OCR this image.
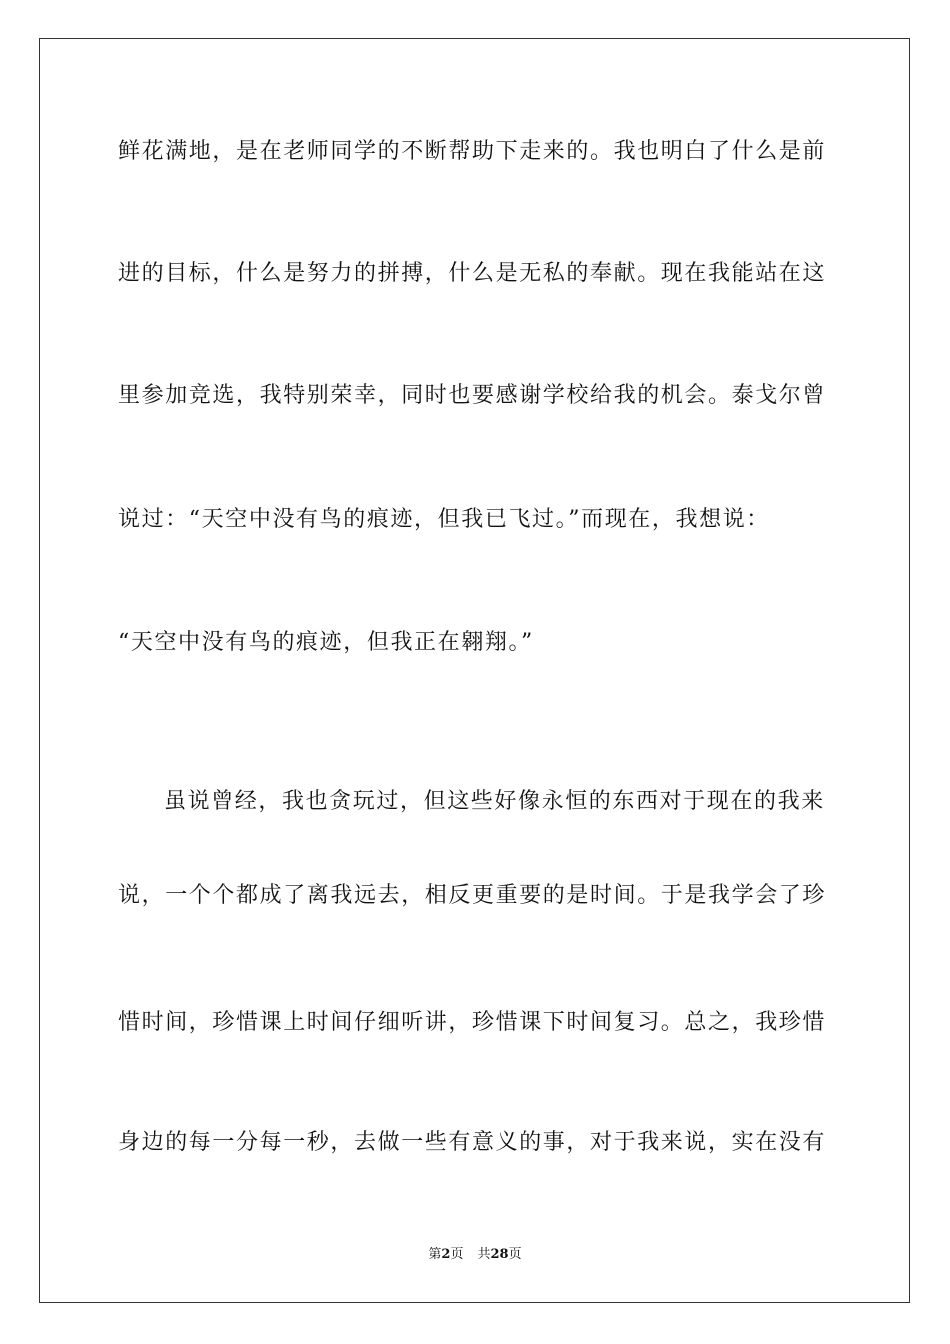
鲜花满地，是在老师同学的不断帮助下走来的。我也明白了什么是前
进的目标，什么是努力的拼搏，什么是无私的奉献。现在我能站在这
里参加竞选，我特别荣幸，同时也要感谢学校给我的机会。泰戈尔曾
说过：“天空中没有鸟的痕迹，但我已飞过。”而现在，我想说：
“天空中没有鸟的痕迹，但我正在翱翔。”
虽说曾经，我也贪玩过，但这些好像永恒的东西对于现在的我来
说，一个个都成了离我远去，相反更重要的是时间。于是我学会了珍
惜时间，珍惜课上时间仔细听讲，珍惜课下时间复习。总之，我珍惜
身边的每一分每一秒，去做一些有意义的事，对于我来说，实在没有
第2页 共28页
